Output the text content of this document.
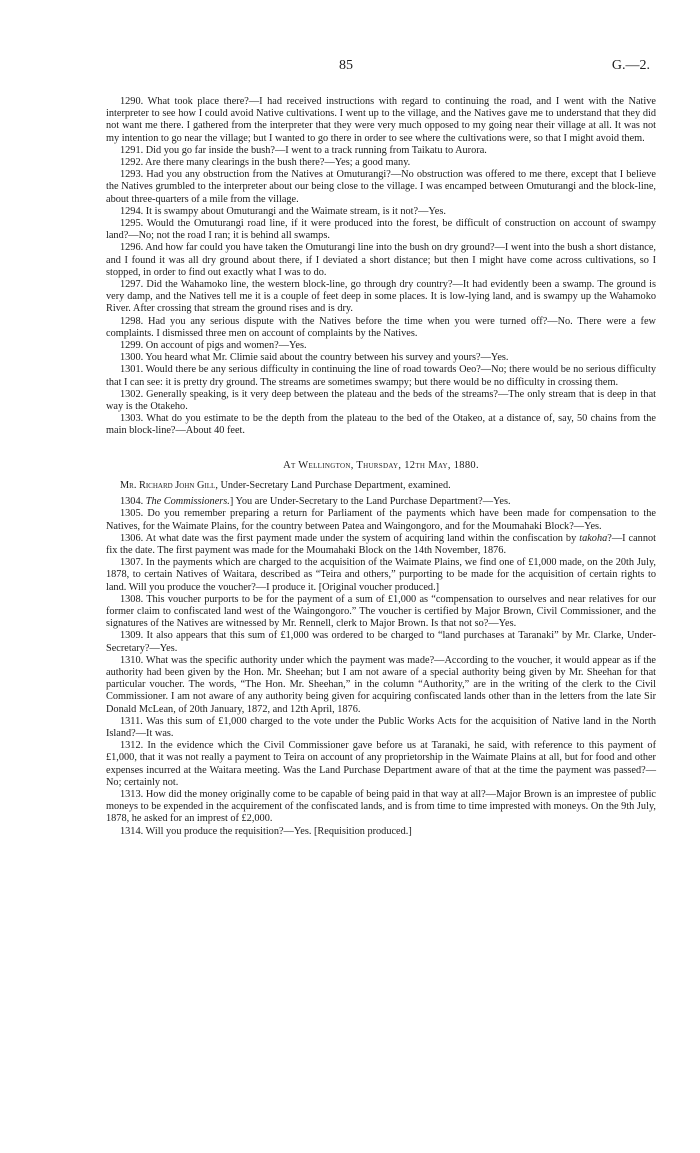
85	G.—2.

1290. What took place there?—I had received instructions with regard to continuing the road, and I went with the Native interpreter to see how I could avoid Native cultivations. I went up to the village, and the Natives gave me to understand that they did not want me there. I gathered from the interpreter that they were very much opposed to my going near their village at all. It was not my intention to go near the village; but I wanted to go there in order to see where the cultivations were, so that I might avoid them.

1291. Did you go far inside the bush?—I went to a track running from Taikatu to Aurora.

1292. Are there many clearings in the bush there?—Yes; a good many.

1293. Had you any obstruction from the Natives at Omuturangi?—No obstruction was offered to me there, except that I believe the Natives grumbled to the interpreter about our being close to the village. I was encamped between Omuturangi and the block-line, about three-quarters of a mile from the village.

1294. It is swampy about Omuturangi and the Waimate stream, is it not?—Yes.

1295. Would the Omuturangi road line, if it were produced into the forest, be difficult of construction on account of swampy land?—No; not the road I ran; it is behind all swamps.

1296. And how far could you have taken the Omuturangi line into the bush on dry ground?—I went into the bush a short distance, and I found it was all dry ground about there, if I deviated a short distance; but then I might have come across cultivations, so I stopped, in order to find out exactly what I was to do.

1297. Did the Wahamoko line, the western block-line, go through dry country?—It had evidently been a swamp. The ground is very damp, and the Natives tell me it is a couple of feet deep in some places. It is low-lying land, and is swampy up the Wahamoko River. After crossing that stream the ground rises and is dry.

1298. Had you any serious dispute with the Natives before the time when you were turned off?—No. There were a few complaints. I dismissed three men on account of complaints by the Natives.

1299. On account of pigs and women?—Yes.

1300. You heard what Mr. Climie said about the country between his survey and yours?—Yes.

1301. Would there be any serious difficulty in continuing the line of road towards Oeo?—No; there would be no serious difficulty that I can see: it is pretty dry ground. The streams are sometimes swampy; but there would be no difficulty in crossing them.

1302. Generally speaking, is it very deep between the plateau and the beds of the streams?—The only stream that is deep in that way is the Otakeho.

1303. What do you estimate to be the depth from the plateau to the bed of the Otakeo, at a distance of, say, 50 chains from the main block-line?—About 40 feet.

At Wellington, Thursday, 12th May, 1880.

Mr. Richard John Gill, Under-Secretary Land Purchase Department, examined.

1304. The Commissioners.] You are Under-Secretary to the Land Purchase Department?—Yes.

1305. Do you remember preparing a return for Parliament of the payments which have been made for compensation to the Natives, for the Waimate Plains, for the country between Patea and Waingongoro, and for the Moumahaki Block?—Yes.

1306. At what date was the first payment made under the system of acquiring land within the confiscation by takoha?—I cannot fix the date. The first payment was made for the Moumahaki Block on the 14th November, 1876.

1307. In the payments which are charged to the acquisition of the Waimate Plains, we find one of £1,000 made, on the 20th July, 1878, to certain Natives of Waitara, described as “Teira and others,” purporting to be made for the acquisition of certain rights to land. Will you produce the voucher?—I produce it. [Original voucher produced.]

1308. This voucher purports to be for the payment of a sum of £1,000 as “compensation to ourselves and near relatives for our former claim to confiscated land west of the Waingongoro.” The voucher is certified by Major Brown, Civil Commissioner, and the signatures of the Natives are witnessed by Mr. Rennell, clerk to Major Brown. Is that not so?—Yes.

1309. It also appears that this sum of £1,000 was ordered to be charged to “land purchases at Taranaki” by Mr. Clarke, Under-Secretary?—Yes.

1310. What was the specific authority under which the payment was made?—According to the voucher, it would appear as if the authority had been given by the Hon. Mr. Sheehan; but I am not aware of a special authority being given by Mr. Sheehan for that particular voucher. The words, “The Hon. Mr. Sheehan,” in the column “Authority,” are in the writing of the clerk to the Civil Commissioner. I am not aware of any authority being given for acquiring confiscated lands other than in the letters from the late Sir Donald McLean, of 20th January, 1872, and 12th April, 1876.

1311. Was this sum of £1,000 charged to the vote under the Public Works Acts for the acquisition of Native land in the North Island?—It was.

1312. In the evidence which the Civil Commissioner gave before us at Taranaki, he said, with reference to this payment of £1,000, that it was not really a payment to Teira on account of any proprietorship in the Waimate Plains at all, but for food and other expenses incurred at the Waitara meeting. Was the Land Purchase Department aware of that at the time the payment was passed?—No; certainly not.

1313. How did the money originally come to be capable of being paid in that way at all?—Major Brown is an imprestee of public moneys to be expended in the acquirement of the confiscated lands, and is from time to time imprested with moneys. On the 9th July, 1878, he asked for an imprest of £2,000.

1314. Will you produce the requisition?—Yes. [Requisition produced.]
